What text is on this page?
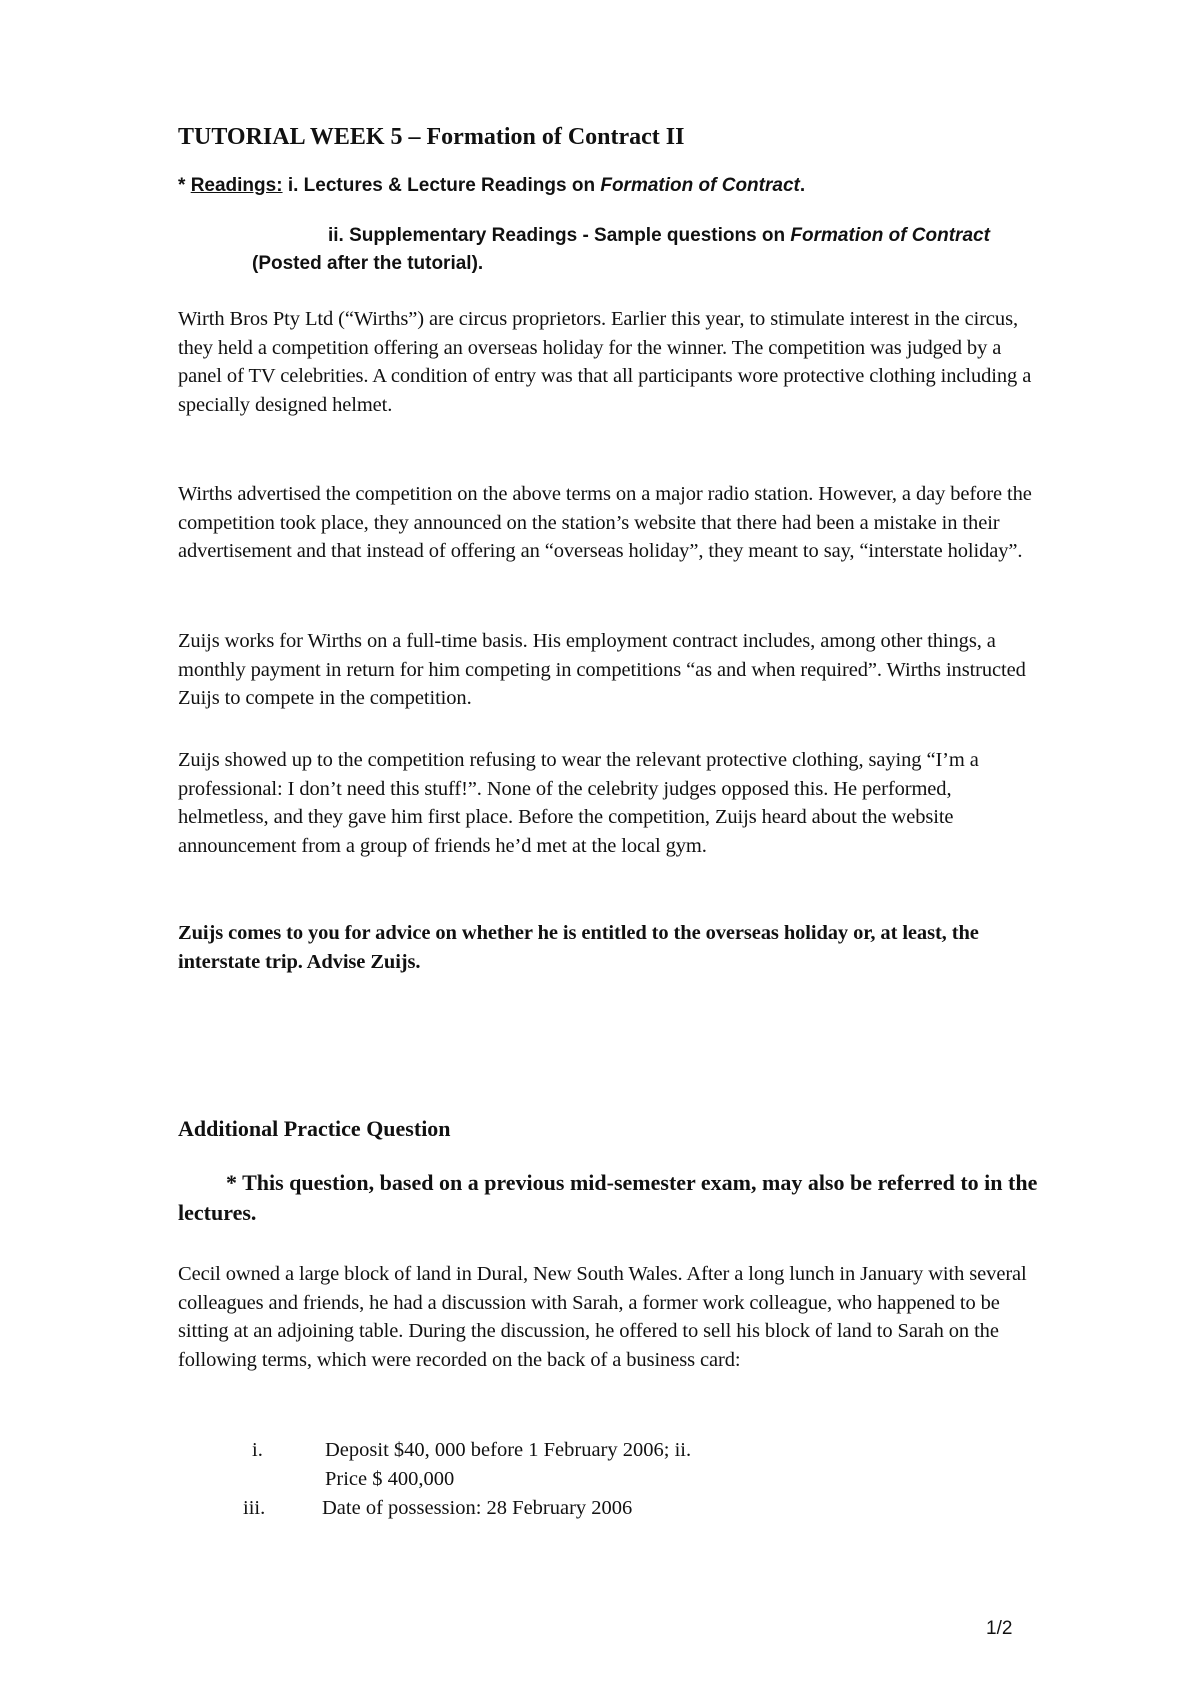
TUTORIAL WEEK 5 – Formation of Contract II

* Readings: i. Lectures & Lecture Readings on Formation of Contract.

ii. Supplementary Readings - Sample questions on Formation of Contract (Posted after the tutorial).

Wirth Bros Pty Ltd (“Wirths”) are circus proprietors. Earlier this year, to stimulate interest in the circus, they held a competition offering an overseas holiday for the winner. The competition was judged by a panel of TV celebrities. A condition of entry was that all participants wore protective clothing including a specially designed helmet.

Wirths advertised the competition on the above terms on a major radio station. However, a day before the competition took place, they announced on the station’s website that there had been a mistake in their advertisement and that instead of offering an “overseas holiday”, they meant to say, “interstate holiday”.

Zuijs works for Wirths on a full-time basis. His employment contract includes, among other things, a monthly payment in return for him competing in competitions “as and when required”. Wirths instructed Zuijs to compete in the competition.

Zuijs showed up to the competition refusing to wear the relevant protective clothing, saying “I’m a professional: I don’t need this stuff!”. None of the celebrity judges opposed this. He performed, helmetless, and they gave him first place. Before the competition, Zuijs heard about the website announcement from a group of friends he’d met at the local gym.

Zuijs comes to you for advice on whether he is entitled to the overseas holiday or, at least, the interstate trip. Advise Zuijs.

Additional Practice Question

* This question, based on a previous mid-semester exam, may also be referred to in the lectures.

Cecil owned a large block of land in Dural, New South Wales. After a long lunch in January with several colleagues and friends, he had a discussion with Sarah, a former work colleague, who happened to be sitting at an adjoining table. During the discussion, he offered to sell his block of land to Sarah on the following terms, which were recorded on the back of a business card:

i.	Deposit $40, 000 before 1 February 2006; ii.
Price $ 400,000
iii.	Date of possession: 28 February 2006
1/2
